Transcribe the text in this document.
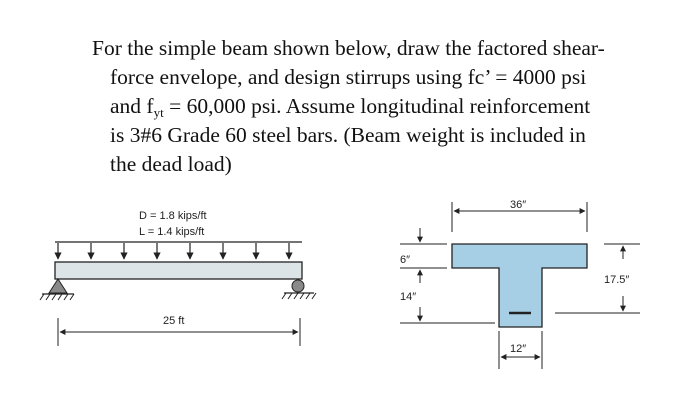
For the simple beam shown below, draw the factored shear-
force envelope, and design stirrups using fc’ = 4000 psi
and $f_{yt} = 60,000$ psi. Assume longitudinal reinforcement
is 3#6 Grade 60 steel bars. (Beam weight is included in
the dead load)
D = 1.8 kips/ft
L = 1.4 kips/ft
25 ft
36″
6″
14″
17.5″
12″
